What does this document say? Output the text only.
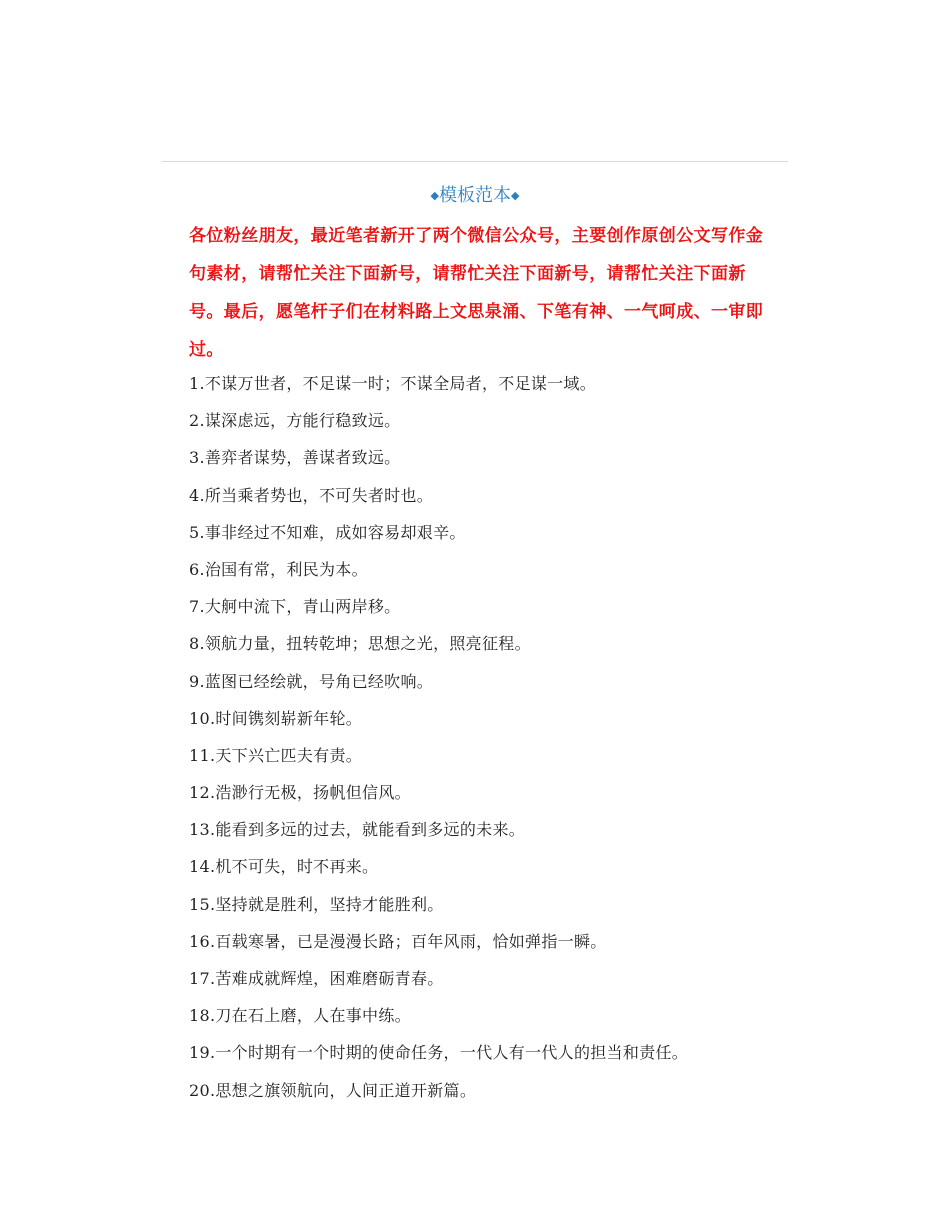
◆模板范本◆
各位粉丝朋友，最近笔者新开了两个微信公众号，主要创作原创公文写作金句素材，请帮忙关注下面新号，请帮忙关注下面新号，请帮忙关注下面新号。最后，愿笔杆子们在材料路上文思泉涌、下笔有神、一气呵成、一审即过。
1.不谋万世者，不足谋一时；不谋全局者，不足谋一域。
2.谋深虑远，方能行稳致远。
3.善弈者谋势，善谋者致远。
4.所当乘者势也，不可失者时也。
5.事非经过不知难，成如容易却艰辛。
6.治国有常，利民为本。
7.大舸中流下，青山两岸移。
8.领航力量，扭转乾坤；思想之光，照亮征程。
9.蓝图已经绘就，号角已经吹响。
10.时间镌刻崭新年轮。
11.天下兴亡匹夫有责。
12.浩渺行无极，扬帆但信风。
13.能看到多远的过去，就能看到多远的未来。
14.机不可失，时不再来。
15.坚持就是胜利，坚持才能胜利。
16.百载寒暑，已是漫漫长路；百年风雨，恰如弹指一瞬。
17.苦难成就辉煌，困难磨砺青春。
18.刀在石上磨，人在事中练。
19.一个时期有一个时期的使命任务，一代人有一代人的担当和责任。
20.思想之旗领航向，人间正道开新篇。
